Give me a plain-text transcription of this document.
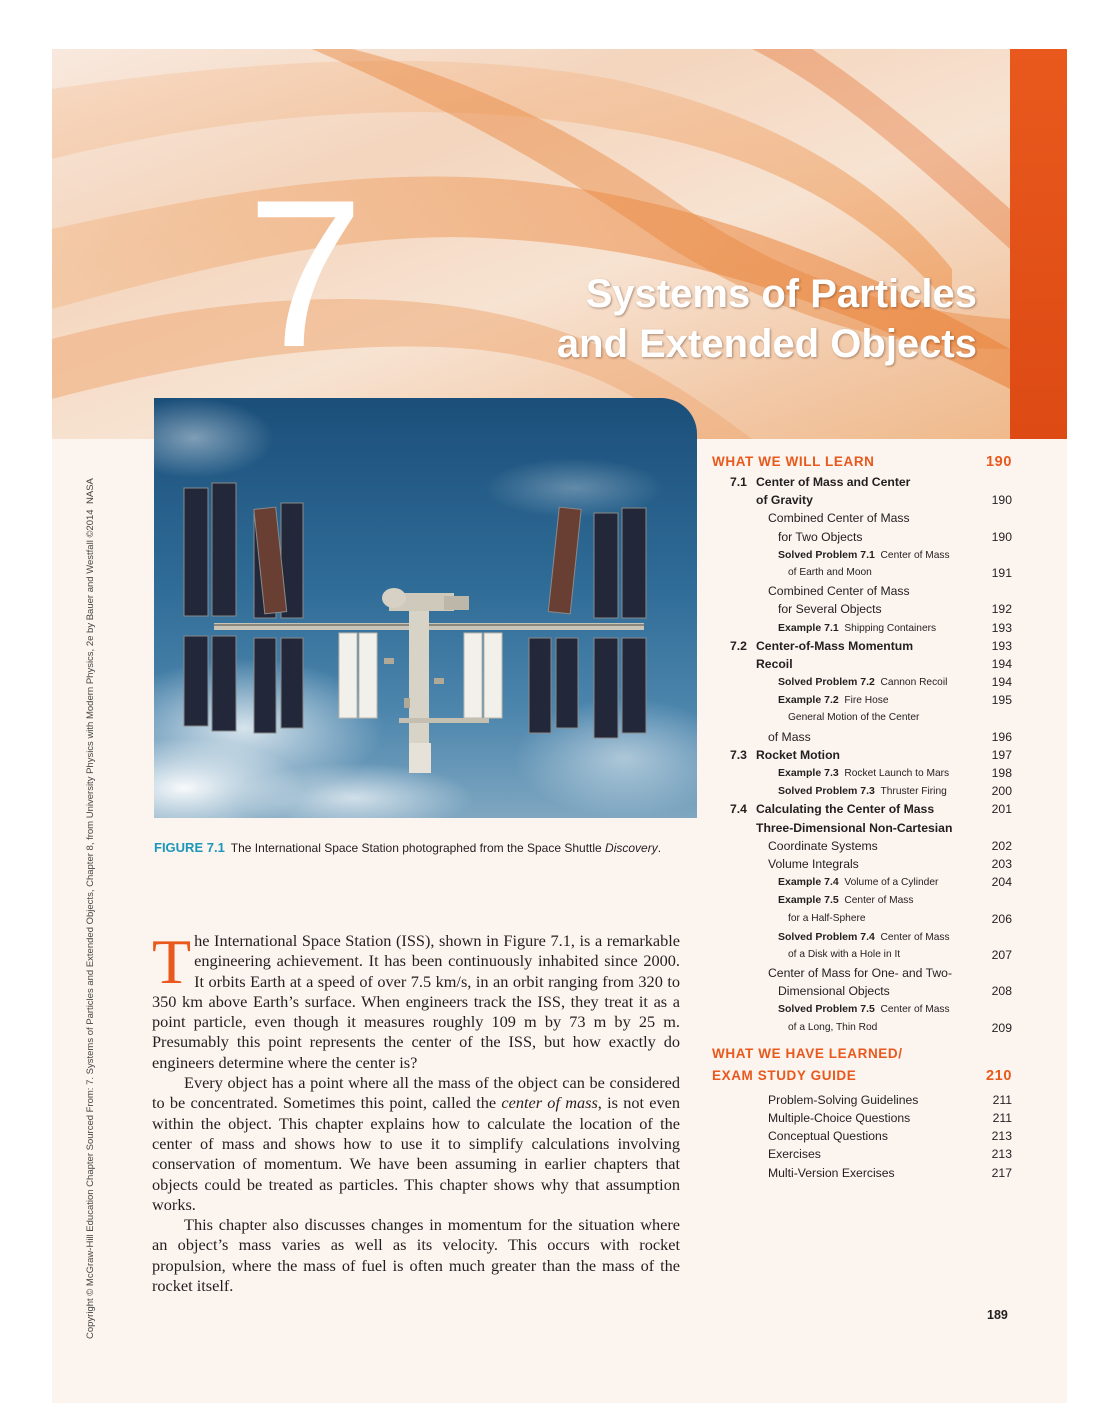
7	Systems of Particles
and Extended Objects
FIGURE 7.1 The International Space Station photographed from the Space Shuttle Discovery.
NASA
Copyright © McGraw-Hill Education Chapter Sourced From: 7. Systems of Particles and Extended Objects, Chapter 8, from University Physics with Modern Physics, 2e by Bauer and Westfall ©2014 The International Space Station (ISS), shown in Figure 7.1, is a remarkable engineering achievement. It has been continuously inhabited since 2000. It orbits Earth at a speed of over 7.5 km/s, in an orbit ranging from 320 to 350 km above Earth’s surface. When engineers track the ISS, they treat it as a point particle, even though it measures roughly 109 m by 73 m by 25 m. Presumably this point represents the center of the ISS, but how exactly do engineers determine where the center is?

Every object has a point where all the mass of the object can be considered to be concentrated. Sometimes this point, called the center of mass, is not even within the object. This chapter explains how to calculate the location of the center of mass and shows how to use it to simplify calculations involving conservation of momentum. We have been assuming in earlier chapters that objects could be treated as particles. This chapter shows why that assumption works.

This chapter also discusses changes in momentum for the situation where an object’s mass varies as well as its velocity. This occurs with rocket propulsion, where the mass of fuel is often much greater than the mass of the rocket itself.

WHAT WE WILL LEARN	190
7.1 Center of Mass and Center
of Gravity	190
Combined Center of Mass
for Two Objects	190
Solved Problem 7.1 Center of Mass
of Earth and Moon	191
Combined Center of Mass
for Several Objects	192
Example 7.1 Shipping Containers	193
7.2 Center-of-Mass Momentum	193
Recoil	194
Solved Problem 7.2 Cannon Recoil	194
Example 7.2 Fire Hose	195
General Motion of the Center
of Mass	196
7.3 Rocket Motion	197
Example 7.3 Rocket Launch to Mars	198
Solved Problem 7.3 Thruster Firing	200
7.4 Calculating the Center of Mass	201
Three-Dimensional Non-Cartesian
Coordinate Systems	202
Volume Integrals	203
Example 7.4 Volume of a Cylinder	204
Example 7.5 Center of Mass
for a Half-Sphere	206
Solved Problem 7.4 Center of Mass
of a Disk with a Hole in It	207
Center of Mass for One- and Two-
Dimensional Objects	208
Solved Problem 7.5 Center of Mass
of a Long, Thin Rod	209
WHAT WE HAVE LEARNED/
EXAM STUDY GUIDE	210
Problem-Solving Guidelines	211
Multiple-Choice Questions	211
Conceptual Questions	213
Exercises	213
Multi-Version Exercises	217
189
